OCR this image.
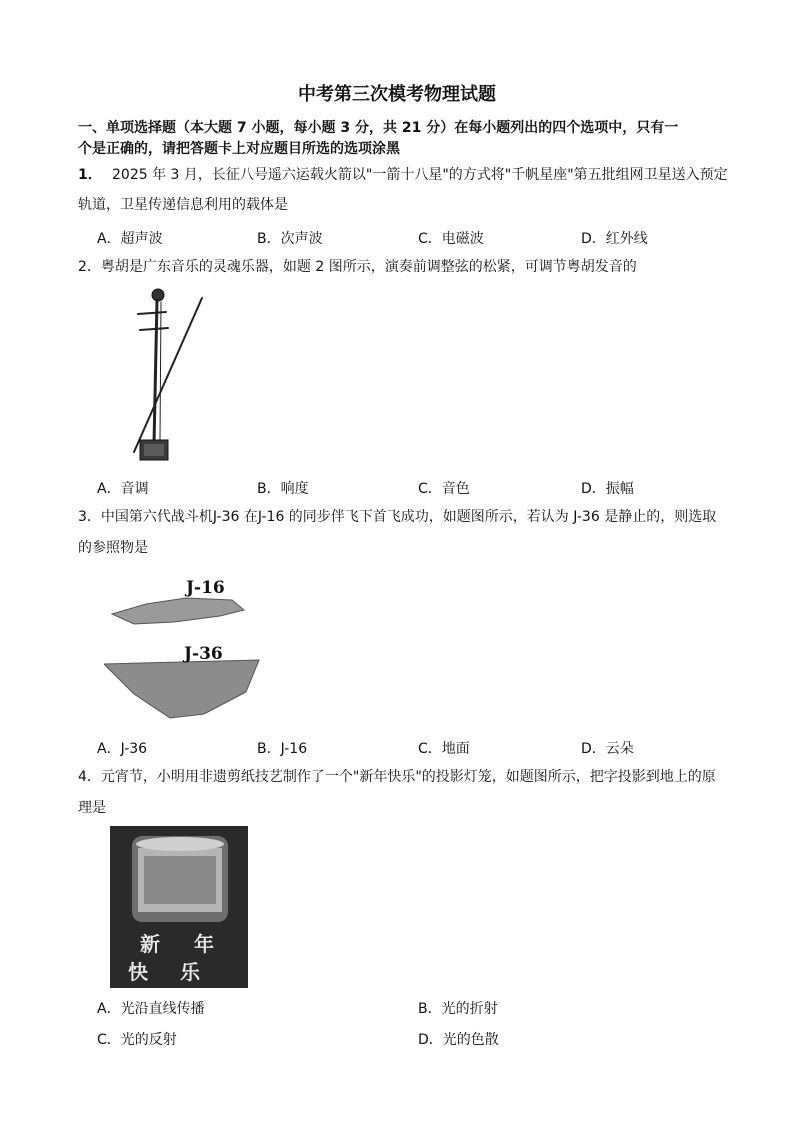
中考第三次模考物理试题
一、单项选择题（本大题 7 小题，每小题 3 分，共 21 分）在每小题列出的四个选项中，只有一
个是正确的，请把答题卡上对应题目所选的选项涂黑
1． 2025 年 3 月，长征八号遥六运载火箭以"一箭十八星"的方式将"千帆星座"第五批组网卫星送入预定
轨道，卫星传递信息利用的载体是
A．超声波	B．次声波	C．电磁波	D．红外线
2．粤胡是广东音乐的灵魂乐器，如题 2 图所示，演奏前调整弦的松紧，可调节粤胡发音的
A．音调	B．响度	C．音色	D．振幅
3．中国第六代战斗机J-36 在J-16 的同步伴飞下首飞成功，如题图所示，若认为 J-36 是静止的，则选取
的参照物是
J-16
J-36
A．J-36	B．J-16	C．地面	D．云朵
4．元宵节，小明用非遗剪纸技艺制作了一个"新年快乐"的投影灯笼，如题图所示，把字投影到地上的原
理是
新 年
快 乐
A．光沿直线传播	B．光的折射
C．光的反射	D．光的色散
